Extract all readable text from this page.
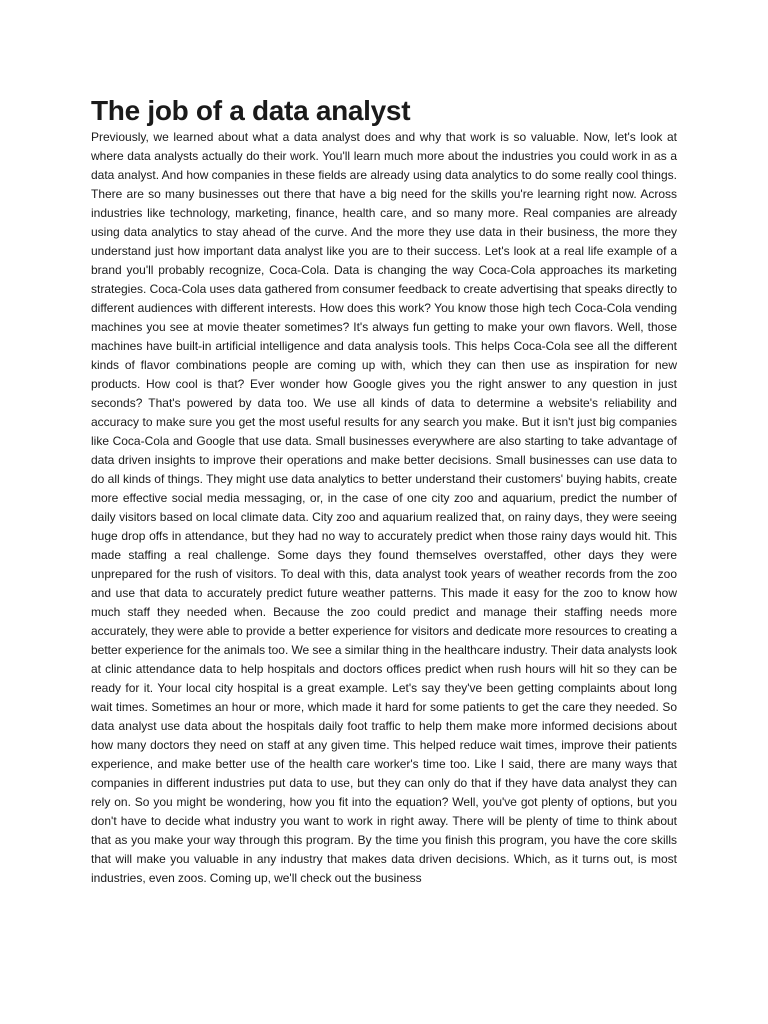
The job of a data analyst

Previously, we learned about what a data analyst does and why that work is so valuable. Now, let's look at where data analysts actually do their work. You'll learn much more about the industries you could work in as a data analyst. And how companies in these fields are already using data analytics to do some really cool things. There are so many businesses out there that have a big need for the skills you're learning right now. Across industries like technology, marketing, finance, health care, and so many more. Real companies are already using data analytics to stay ahead of the curve. And the more they use data in their business, the more they understand just how important data analyst like you are to their success. Let's look at a real life example of a brand you'll probably recognize, Coca-Cola. Data is changing the way Coca-Cola approaches its marketing strategies. Coca-Cola uses data gathered from consumer feedback to create advertising that speaks directly to different audiences with different interests. How does this work? You know those high tech Coca-Cola vending machines you see at movie theater sometimes? It's always fun getting to make your own flavors. Well, those machines have built-in artificial intelligence and data analysis tools. This helps Coca-Cola see all the different kinds of flavor combinations people are coming up with, which they can then use as inspiration for new products. How cool is that? Ever wonder how Google gives you the right answer to any question in just seconds? That's powered by data too. We use all kinds of data to determine a website's reliability and accuracy to make sure you get the most useful results for any search you make. But it isn't just big companies like Coca-Cola and Google that use data. Small businesses everywhere are also starting to take advantage of data driven insights to improve their operations and make better decisions. Small businesses can use data to do all kinds of things. They might use data analytics to better understand their customers' buying habits, create more effective social media messaging, or, in the case of one city zoo and aquarium, predict the number of daily visitors based on local climate data. City zoo and aquarium realized that, on rainy days, they were seeing huge drop offs in attendance, but they had no way to accurately predict when those rainy days would hit. This made staffing a real challenge. Some days they found themselves overstaffed, other days they were unprepared for the rush of visitors. To deal with this, data analyst took years of weather records from the zoo and use that data to accurately predict future weather patterns. This made it easy for the zoo to know how much staff they needed when. Because the zoo could predict and manage their staffing needs more accurately, they were able to provide a better experience for visitors and dedicate more resources to creating a better experience for the animals too. We see a similar thing in the healthcare industry. Their data analysts look at clinic attendance data to help hospitals and doctors offices predict when rush hours will hit so they can be ready for it. Your local city hospital is a great example. Let's say they've been getting complaints about long wait times. Sometimes an hour or more, which made it hard for some patients to get the care they needed. So data analyst use data about the hospitals daily foot traffic to help them make more informed decisions about how many doctors they need on staff at any given time. This helped reduce wait times, improve their patients experience, and make better use of the health care worker's time too. Like I said, there are many ways that companies in different industries put data to use, but they can only do that if they have data analyst they can rely on. So you might be wondering, how you fit into the equation? Well, you've got plenty of options, but you don't have to decide what industry you want to work in right away. There will be plenty of time to think about that as you make your way through this program. By the time you finish this program, you have the core skills that will make you valuable in any industry that makes data driven decisions. Which, as it turns out, is most industries, even zoos. Coming up, we'll check out the business
